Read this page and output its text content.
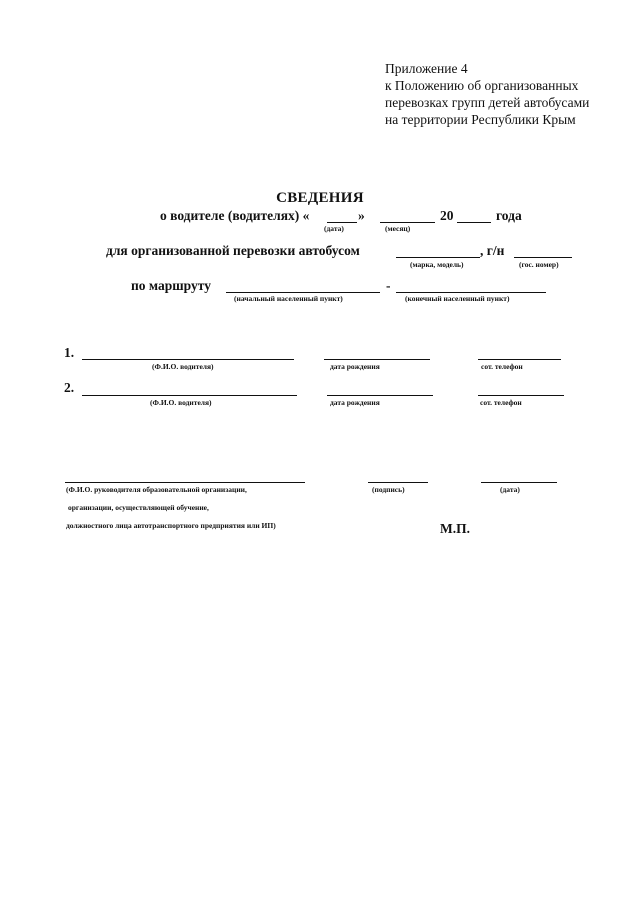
Приложение 4
к Положению об организованных
перевозках групп детей автобусами
на территории Республики Крым
СВЕДЕНИЯ
о водителе (водителях) «	»	20	года
(дата)	(месяц)
для организованной перевозки автобусом	, г/н
(марка, модель)	(гос. номер)
по маршруту	-
(начальный населенный пункт)	(конечный населенный пункт)
1.
(Ф.И.О. водителя)	дата рождения	сот. телефон
2.
(Ф.И.О. водителя)	дата рождения	сот. телефон
(Ф.И.О. руководителя образовательной организации,	(подпись)	(дата)
организации, осуществляющей обучение,
должностного лица автотранспортного предприятия или ИП)	М.П.
